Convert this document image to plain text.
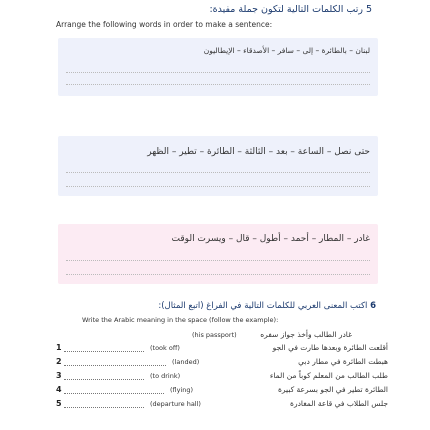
5 رتب الكلمات التالية لتكون جملة مفيدة:
Arrange the following words in order to make a sentence:
لبنان – بالطائرة – إلى – سافر – الأصدقاء – الإيطاليون
حتى نصل – الساعة – بعد – الثالثة – الطائرة – تطير – الظهر
غادر – المطار – أحمد – أطول – قال – ويسرت الوقت
6 اكتب المعنى العربي للكلمات التالية في الفراغ (اتبع المثال):
Write the Arabic meaning in the space (follow the example):
غادر الطالب وأخذ جواز سفره
(his passport)
1	(took off)	أقلعت الطائرة وبعدها طارت في الجو
2	(landed)	هبطت الطائرة في مطار دبي
3	(to drink)	طلب الطالب من المعلم كوباً من الماء
4	(flying)	الطائرة تطير في الجو بسرعة كبيرة
5	(departure hall)	جلس الطلاب في قاعة المغادرة
